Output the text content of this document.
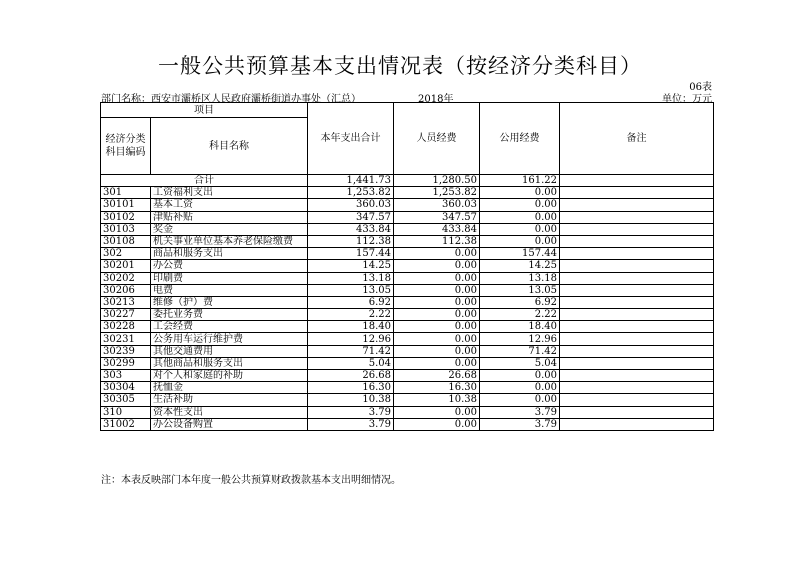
一般公共预算基本支出情况表（按经济分类科目）
06表
部门名称：西安市灞桥区人民政府灞桥街道办事处（汇总）	2018年	单位：万元
项目		本年支出合计	人员经费	公用经费	备注
经济分类科目编码	科目名称				
合计		1,441.73	1,280.50	161.22	
301	工资福利支出	1,253.82	1,253.82	0.00	
30101	基本工资	360.03	360.03	0.00	
30102	津贴补贴	347.57	347.57	0.00	
30103	奖金	433.84	433.84	0.00	
30108	机关事业单位基本养老保险缴费	112.38	112.38	0.00	
302	商品和服务支出	157.44	0.00	157.44	
30201	办公费	14.25	0.00	14.25	
30202	印刷费	13.18	0.00	13.18	
30206	电费	13.05	0.00	13.05	
30213	维修（护）费	6.92	0.00	6.92	
30227	委托业务费	2.22	0.00	2.22	
30228	工会经费	18.40	0.00	18.40	
30231	公务用车运行维护费	12.96	0.00	12.96	
30239	其他交通费用	71.42	0.00	71.42	
30299	其他商品和服务支出	5.04	0.00	5.04	
303	对个人和家庭的补助	26.68	26.68	0.00	
30304	抚恤金	16.30	16.30	0.00	
30305	生活补助	10.38	10.38	0.00	
310	资本性支出	3.79	0.00	3.79	
31002	办公设备购置	3.79	0.00	3.79	
注：本表反映部门本年度一般公共预算财政拨款基本支出明细情况。
